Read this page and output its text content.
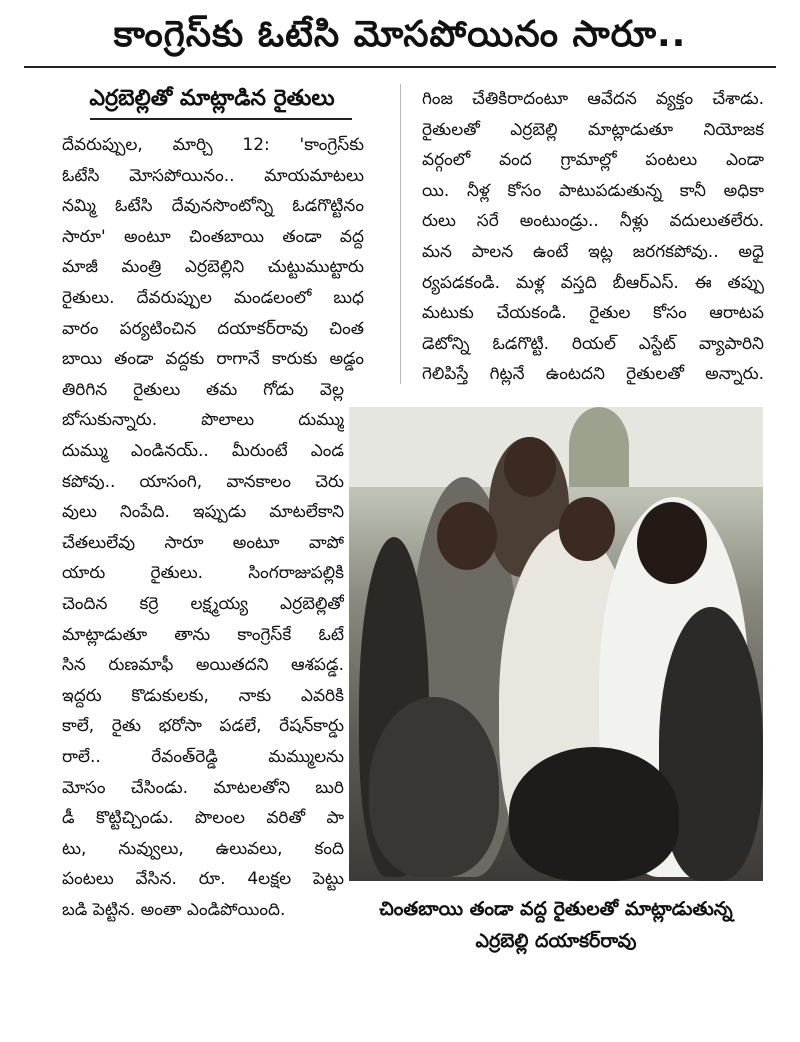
కాంగ్రెస్‌కు ఓటేసి మోసపోయినం సారూ..
ఎర్రబెల్లితో మాట్లాడిన రైతులు
దేవరుప్పుల, మార్చి 12: 'కాంగ్రెస్‌కు
ఓటేసి మోసపోయినం.. మాయమాటలు
నమ్మి ఓటేసి దేవునసొంటోన్ని ఓడగొట్టినం
సారూ' అంటూ చింతబాయి తండా వద్ద
మాజీ మంత్రి ఎర్రబెల్లిని చుట్టుముట్టారు
రైతులు. దేవరుప్పుల మండలంలో బుధ
వారం పర్యటించిన దయాకర్‌రావు చింత
బాయి తండా వద్దకు రాగానే కారుకు అడ్డం
తిరిగిన రైతులు తమ గోడు వెల్ల
బోసుకున్నారు. పొలాలు దుమ్ము
దుమ్ము ఎండినయ్.. మీరుంటే ఎండ
కపోవు.. యాసంగి, వానకాలం చెరు
వులు నింపేది. ఇప్పుడు మాటలేకాని
చేతలులేవు సారూ అంటూ వాపో
యారు రైతులు. సింగరాజుపల్లికి
చెందిన కర్రె లక్ష్మయ్య ఎర్రబెల్లితో
మాట్లాడుతూ తాను కాంగ్రెస్‌కే ఓటే
సిన రుణమాఫీ అయితదని ఆశపడ్డ.
ఇద్దరు కొడుకులకు, నాకు ఎవరికి
కాలే, రైతు భరోసా పడలే, రేషన్‌కార్డు
రాలే.. రేవంత్‌రెడ్డి మమ్ములను
మోసం చేసిండు. మాటలతోని బురి
డీ కొట్టిచ్చిండు. పొలంల వరితో పా
టు, నువ్వులు, ఉలువలు, కంది
పంటలు వేసిన. రూ. 4లక్షల పెట్టు
బడి పెట్టిన. అంతా ఎండిపోయింది.
గింజ చేతికిరాదంటూ ఆవేదన వ్యక్తం చేశాడు.
రైతులతో ఎర్రబెల్లి మాట్లాడుతూ నియోజక
వర్గంలో వంద గ్రామాల్లో పంటలు ఎండా
యి. నీళ్ల కోసం పాటుపడుతున్న కానీ అధికా
రులు సరే అంటుండ్రు.. నీళ్లు వదులుతలేరు.
మన పాలన ఉంటే ఇట్ల జరగకపోవు.. అధై
ర్యపడకండి. మళ్ల వస్తది బీఆర్‌ఎస్. ఈ తప్పు
మటుకు చేయకండి. రైతుల కోసం ఆరాటప
డెటోన్ని ఓడగొట్టి. రియల్ ఎస్టేట్ వ్యాపారిని
గెలిపిస్తే గిట్లనే ఉంటదని రైతులతో అన్నారు.
చింతబాయి తండా వద్ద రైతులతో మాట్లాడుతున్న
ఎర్రబెల్లి దయాకర్‌రావు
